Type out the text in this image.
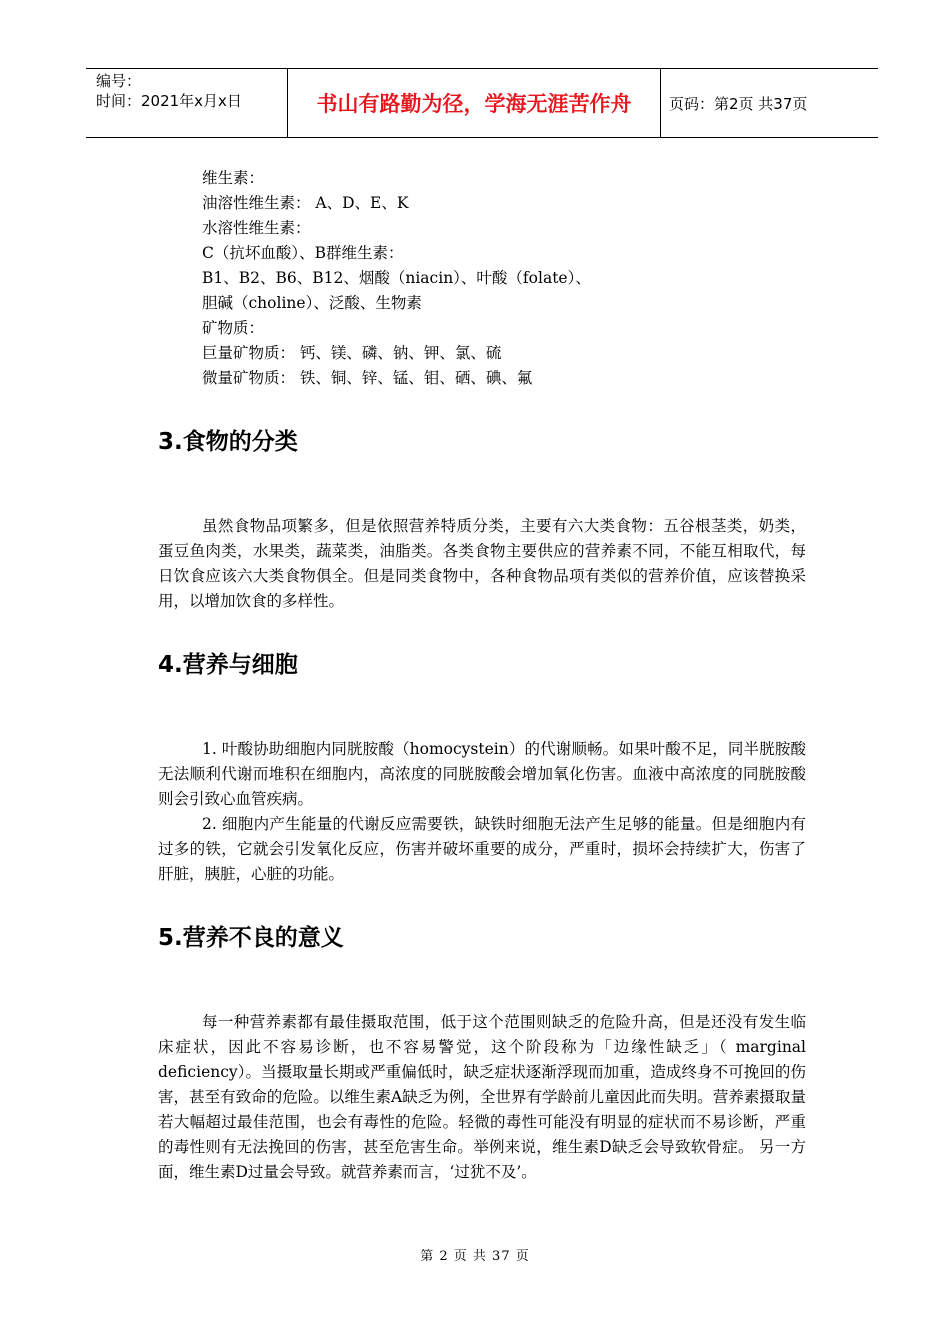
编号：
时间：2021年x月x日	书山有路勤为径，学海无涯苦作舟	页码：第2页 共37页
维生素：
油溶性维生素： A、D、E、K
水溶性维生素：
C（抗坏血酸）、B群维生素：
B1、B2、B6、B12、烟酸（niacin）、叶酸（folate）、
胆碱（choline）、泛酸、生物素
矿物质：
巨量矿物质： 钙、镁、磷、钠、钾、氯、硫
微量矿物质： 铁、铜、锌、锰、钼、硒、碘、氟
3.食物的分类

虽然食物品项繁多，但是依照营养特质分类，主要有六大类食物：五谷根茎类，奶类，蛋豆鱼肉类，水果类，蔬菜类，油脂类。各类食物主要供应的营养素不同，不能互相取代，每日饮食应该六大类食物俱全。但是同类食物中，各种食物品项有类似的营养价值，应该替换采用，以增加饮食的多样性。

4.营养与细胞

1. 叶酸协助细胞内同胱胺酸（homocystein）的代谢顺畅。如果叶酸不足，同半胱胺酸无法顺利代谢而堆积在细胞内，高浓度的同胱胺酸会增加氧化伤害。血液中高浓度的同胱胺酸则会引致心血管疾病。

2. 细胞内产生能量的代谢反应需要铁，缺铁时细胞无法产生足够的能量。但是细胞内有过多的铁，它就会引发氧化反应，伤害并破坏重要的成分，严重时，损坏会持续扩大，伤害了肝脏，胰脏，心脏的功能。

5.营养不良的意义

每一种营养素都有最佳摄取范围，低于这个范围则缺乏的危险升高，但是还没有发生临床症状，因此不容易诊断，也不容易警觉，这个阶段称为「边缘性缺乏」（ marginal deficiency）。当摄取量长期或严重偏低时，缺乏症状逐渐浮现而加重，造成终身不可挽回的伤害，甚至有致命的危险。以维生素A缺乏为例，全世界有学龄前儿童因此而失明。营养素摄取量若大幅超过最佳范围，也会有毒性的危险。轻微的毒性可能没有明显的症状而不易诊断，严重的毒性则有无法挽回的伤害，甚至危害生命。举例来说，维生素D缺乏会导致软骨症。 另一方面，维生素D过量会导致。就营养素而言，‘过犹不及’。

第 2 页 共 37 页
